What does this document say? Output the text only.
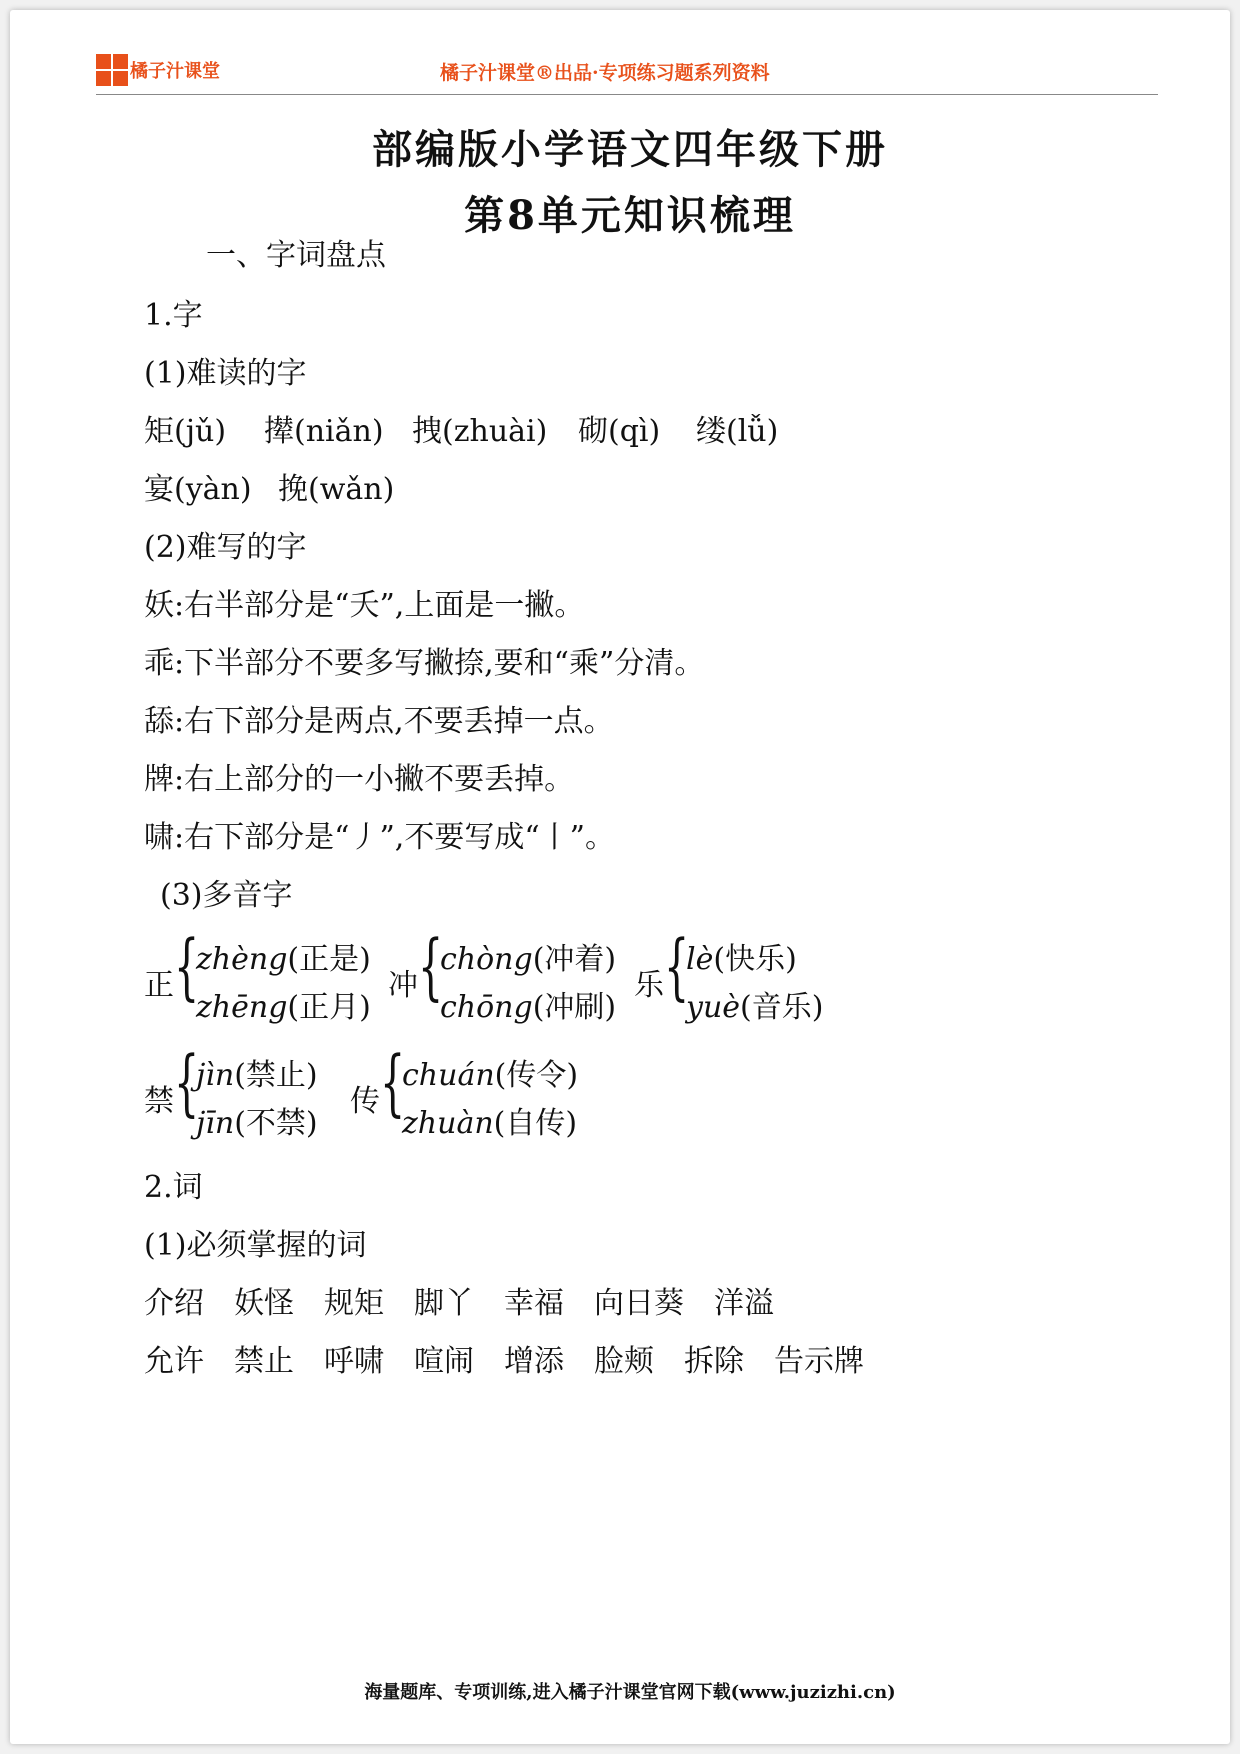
橘子汁课堂	橘子汁课堂®出品·专项练习题系列资料
部编版小学语文四年级下册
第8单元知识梳理
一、字词盘点
1.字
(1)难读的字
矩(jǔ) 撵(niǎn) 拽(zhuài) 砌(qì) 缕(lǚ)
宴(yàn) 挽(wǎn)
(2)难写的字
妖:右半部分是“夭”,上面是一撇。
乖:下半部分不要多写撇捺,要和“乘”分清。
舔:右下部分是两点,不要丢掉一点。
牌:右上部分的一小撇不要丢掉。
啸:右下部分是“丿”,不要写成“丨”。
(3)多音字
正 {
zhèng(正是)
zhēng(正月)
冲 {
chòng(冲着)
chōng(冲刷)
乐 {
lè(快乐)
yuè(音乐)
禁 {
jìn(禁止)
jīn(不禁)
传 {
chuán(传令)
zhuàn(自传)
2.词
(1)必须掌握的词
介绍 妖怪 规矩 脚丫 幸福 向日葵 洋溢
允许 禁止 呼啸 喧闹 增添 脸颊 拆除 告示牌
海量题库、专项训练,进入橘子汁课堂官网下载(www.juzizhi.cn)
